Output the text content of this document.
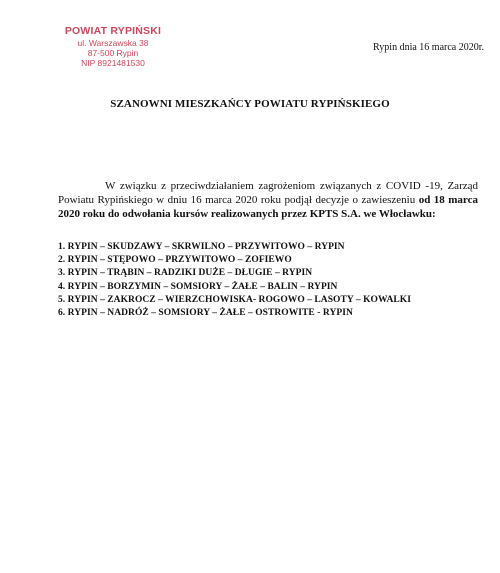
POWIAT RYPIŃSKI
ul. Warszawska 38
87-500 Rypin
NIP 8921481530
Rypin dnia 16 marca 2020r.
SZANOWNI MIESZKAŃCY POWIATU RYPIŃSKIEGO

W związku z przeciwdziałaniem zagrożeniom związanych z COVID -19, Zarząd Powiatu Rypińskiego w dniu 16 marca 2020 roku podjął decyzje o zawieszeniu od 18 marca 2020 roku do odwołania kursów realizowanych przez KPTS S.A. we Włocławku:

1. RYPIN – SKUDZAWY – SKRWILNO – PRZYWITOWO – RYPIN
2. RYPIN – STĘPOWO – PRZYWITOWO – ZOFIEWO
3. RYPIN – TRĄBIN – RADZIKI DUŻE – DŁUGIE – RYPIN
4. RYPIN – BORZYMIN – SOMSIORY – ŻAŁE – BALIN – RYPIN
5. RYPIN – ZAKROCZ – WIERZCHOWISKA- ROGOWO – LASOTY – KOWALKI
6. RYPIN – NADRÓŻ – SOMSIORY – ŻAŁE – OSTROWITE - RYPIN
